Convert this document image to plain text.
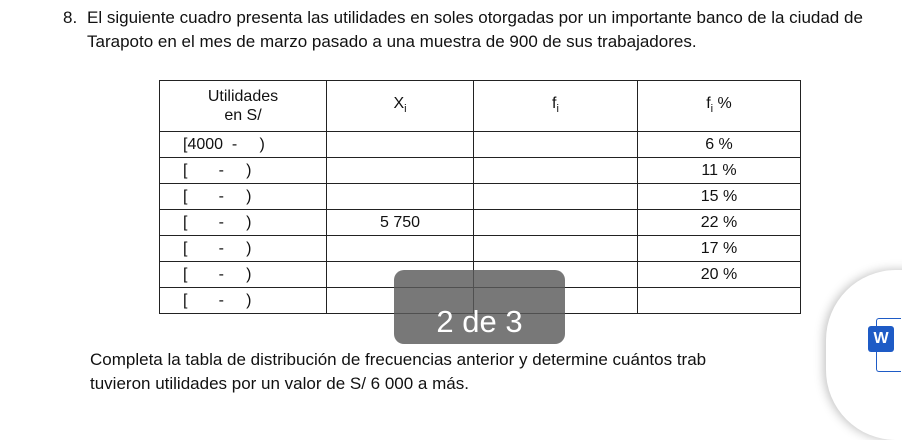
8. El siguiente cuadro presenta las utilidades en soles otorgadas por un importante banco de la ciudad de Tarapoto en el mes de marzo pasado a una muestra de 900 de sus trabajadores.
Utilidades
en S/	$X_i$	$f_i$	$f_i$ %
[4000  -     )			6 %
[       -     )			11 %
[       -     )			15 %
[       -     )	5 750		22 %
[       -     )			17 %
[       -     )			20 %
[       -     )			
Completa la tabla de distribución de frecuencias anterior y determine cuántos trab
tuvieron utilidades por un valor de S/ 6 000 a más.
2 de 3	W
